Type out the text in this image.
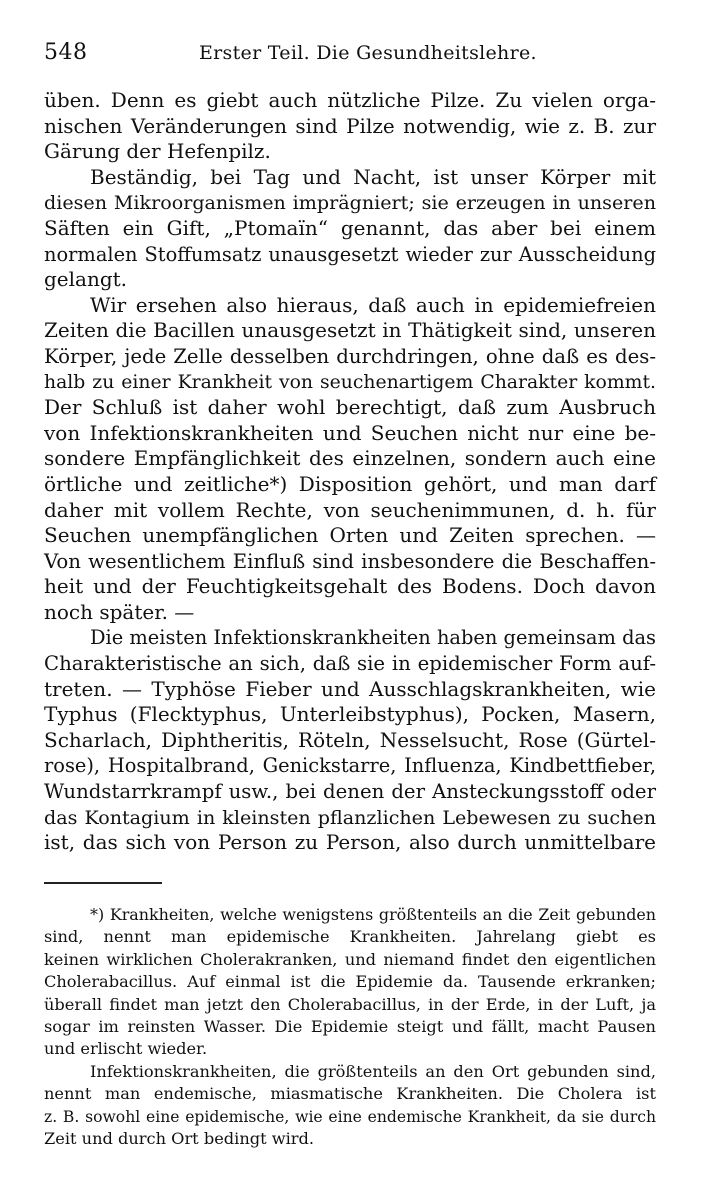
548	Erster Teil. Die Gesundheitslehre.
üben. Denn es giebt auch nützliche Pilze. Zu vielen orga-
nischen Veränderungen sind Pilze notwendig, wie z. B. zur
Gärung der Hefenpilz.
Beständig, bei Tag und Nacht, ist unser Körper mit
diesen Mikroorganismen imprägniert; sie erzeugen in unseren
Säften ein Gift, „Ptomaïn“ genannt, das aber bei einem
normalen Stoffumsatz unausgesetzt wieder zur Ausscheidung
gelangt.
Wir ersehen also hieraus, daß auch in epidemiefreien
Zeiten die Bacillen unausgesetzt in Thätigkeit sind, unseren
Körper, jede Zelle desselben durchdringen, ohne daß es des-
halb zu einer Krankheit von seuchenartigem Charakter kommt.
Der Schluß ist daher wohl berechtigt, daß zum Ausbruch
von Infektionskrankheiten und Seuchen nicht nur eine be-
sondere Empfänglichkeit des einzelnen, sondern auch eine
örtliche und zeitliche*) Disposition gehört, und man darf
daher mit vollem Rechte, von seuchenimmunen, d. h. für
Seuchen unempfänglichen Orten und Zeiten sprechen. —
Von wesentlichem Einfluß sind insbesondere die Beschaffen-
heit und der Feuchtigkeitsgehalt des Bodens. Doch davon
noch später. —
Die meisten Infektionskrankheiten haben gemeinsam das
Charakteristische an sich, daß sie in epidemischer Form auf-
treten. — Typhöse Fieber und Ausschlagskrankheiten, wie
Typhus (Flecktyphus, Unterleibstyphus), Pocken, Masern,
Scharlach, Diphtheritis, Röteln, Nesselsucht, Rose (Gürtel-
rose), Hospitalbrand, Genickstarre, Influenza, Kindbettfieber,
Wundstarrkrampf usw., bei denen der Ansteckungsstoff oder
das Kontagium in kleinsten pflanzlichen Lebewesen zu suchen
ist, das sich von Person zu Person, also durch unmittelbare
*) Krankheiten, welche wenigstens größtenteils an die Zeit gebunden
sind, nennt man epidemische Krankheiten. Jahrelang giebt es
keinen wirklichen Cholerakranken, und niemand findet den eigentlichen
Cholerabacillus. Auf einmal ist die Epidemie da. Tausende erkranken;
überall findet man jetzt den Cholerabacillus, in der Erde, in der Luft, ja
sogar im reinsten Wasser. Die Epidemie steigt und fällt, macht Pausen
und erlischt wieder.
Infektionskrankheiten, die größtenteils an den Ort gebunden sind,
nennt man endemische, miasmatische Krankheiten. Die Cholera ist
z. B. sowohl eine epidemische, wie eine endemische Krankheit, da sie durch
Zeit und durch Ort bedingt wird.
